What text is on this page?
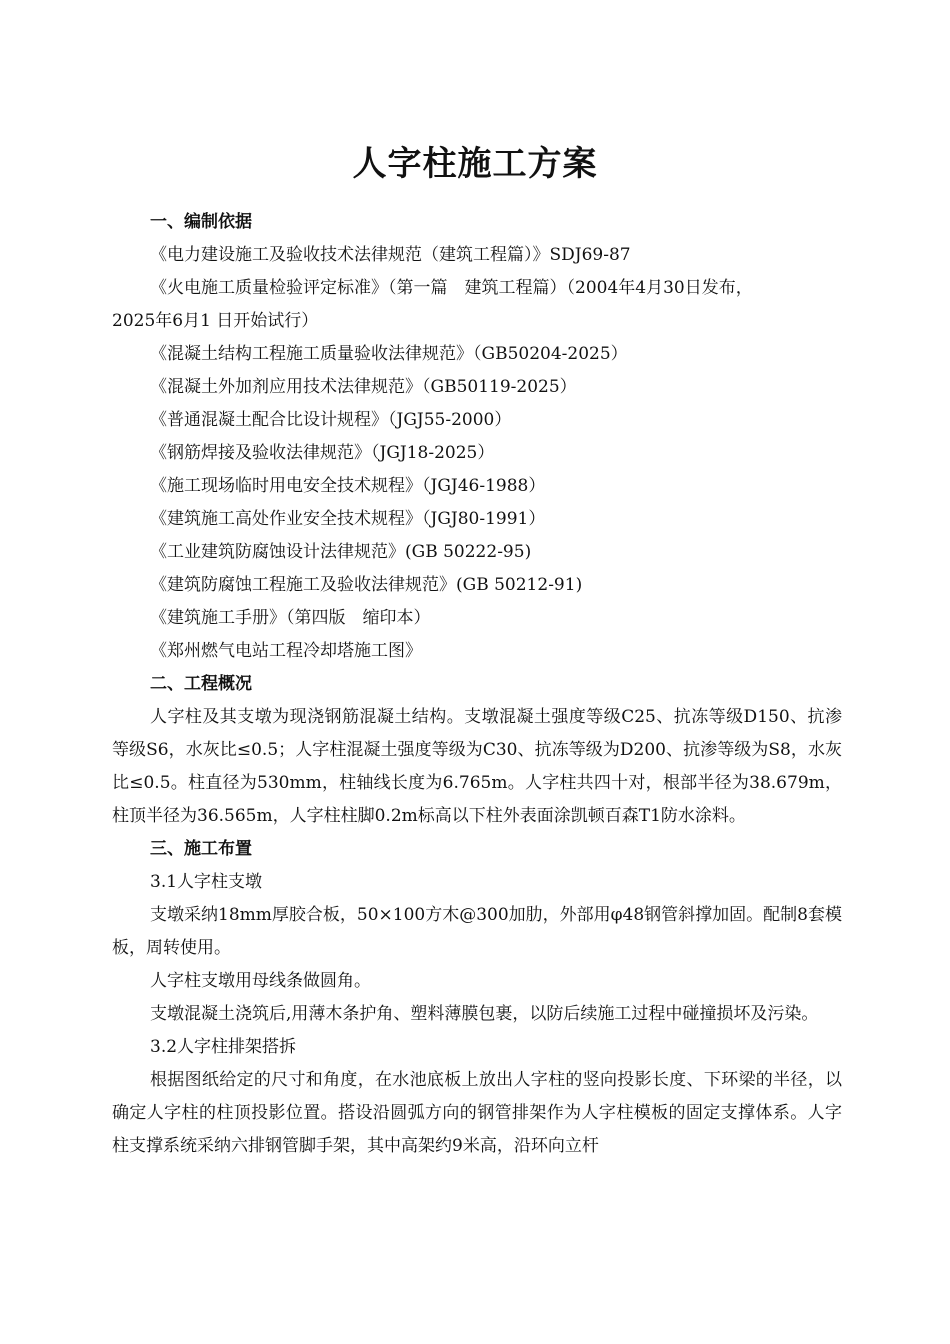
人字柱施工方案

一、编制依据

《电力建设施工及验收技术法律规范（建筑工程篇）》SDJ69-87

《火电施工质量检验评定标准》（第一篇　建筑工程篇）（2004年4月30日发布，

2025年6月1 日开始试行）

《混凝土结构工程施工质量验收法律规范》（GB50204-2025）

《混凝土外加剂应用技术法律规范》（GB50119-2025）

《普通混凝土配合比设计规程》（JGJ55-2000）

《钢筋焊接及验收法律规范》（JGJ18-2025）

《施工现场临时用电安全技术规程》（JGJ46-1988）

《建筑施工高处作业安全技术规程》（JGJ80-1991）

《工业建筑防腐蚀设计法律规范》(GB 50222-95)

《建筑防腐蚀工程施工及验收法律规范》(GB 50212-91)

《建筑施工手册》（第四版　缩印本）

《郑州燃气电站工程冷却塔施工图》

二、工程概况

人字柱及其支墩为现浇钢筋混凝土结构。支墩混凝土强度等级C25、抗冻等级D150、抗渗等级S6，水灰比≤0.5；人字柱混凝土强度等级为C30、抗冻等级为D200、抗渗等级为S8，水灰比≤0.5。柱直径为530mm，柱轴线长度为6.765m。人字柱共四十对，根部半径为38.679m，柱顶半径为36.565m，人字柱柱脚0.2m标高以下柱外表面涂凯顿百森T1防水涂料。

三、施工布置

3.1人字柱支墩

支墩采纳18mm厚胶合板，50×100方木@300加肋，外部用φ48钢管斜撑加固。配制8套模板，周转使用。

人字柱支墩用母线条做圆角。

支墩混凝土浇筑后,用薄木条护角、塑料薄膜包裹，以防后续施工过程中碰撞损坏及污染。

3.2人字柱排架搭拆

根据图纸给定的尺寸和角度，在水池底板上放出人字柱的竖向投影长度、下环梁的半径，以确定人字柱的柱顶投影位置。搭设沿圆弧方向的钢管排架作为人字柱模板的固定支撑体系。人字柱支撑系统采纳六排钢管脚手架，其中高架约9米高，沿环向立杆
